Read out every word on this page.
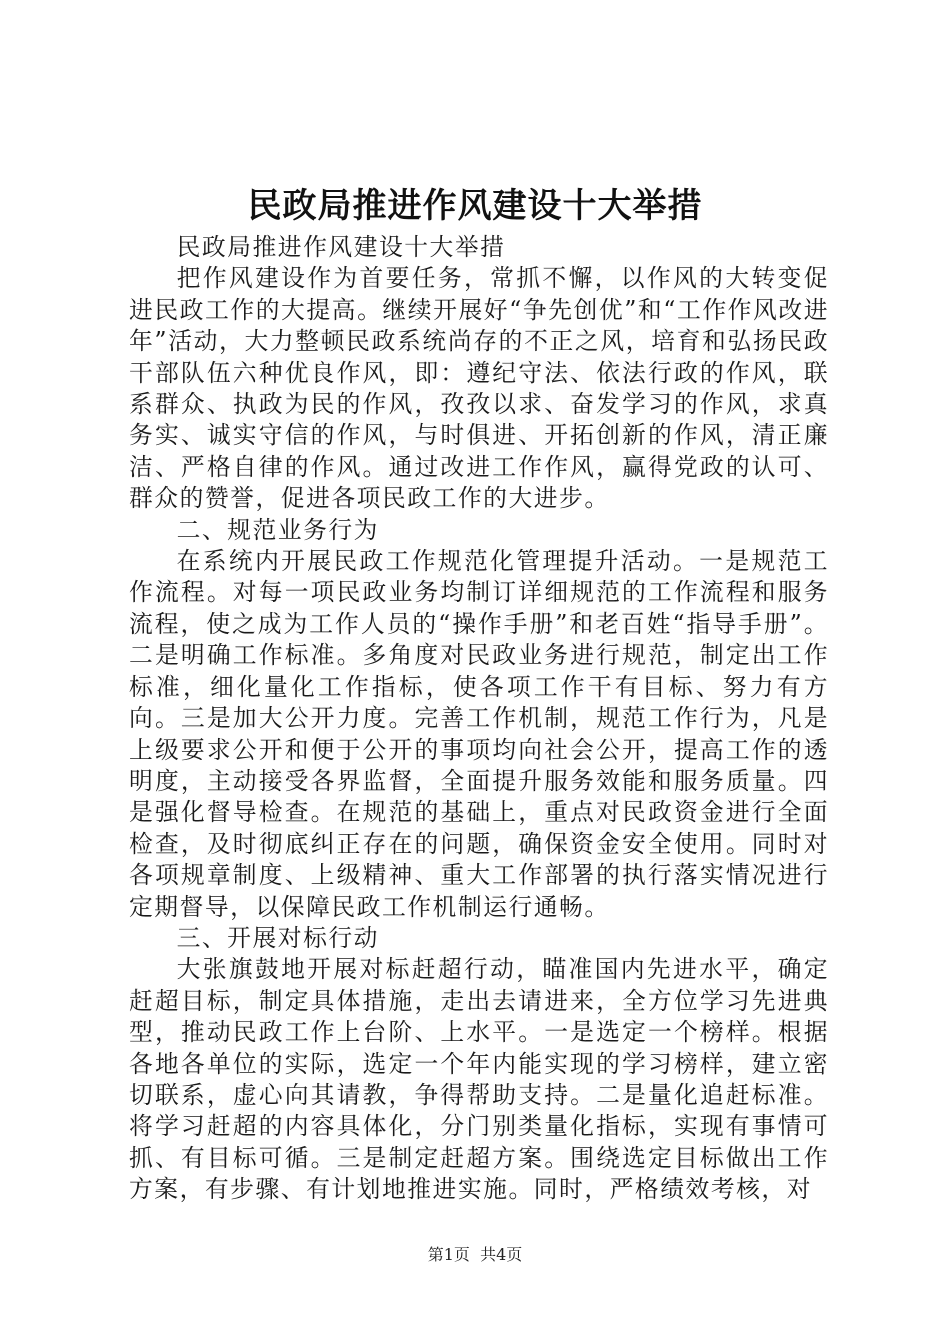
民政局推进作风建设十大举措

民政局推进作风建设十大举措

把作风建设作为首要任务，常抓不懈，以作风的大转变促进民政工作的大提高。继续开展好“争先创优”和“工作作风改进年”活动，大力整顿民政系统尚存的不正之风，培育和弘扬民政干部队伍六种优良作风，即：遵纪守法、依法行政的作风，联系群众、执政为民的作风，孜孜以求、奋发学习的作风，求真务实、诚实守信的作风，与时俱进、开拓创新的作风，清正廉洁、严格自律的作风。通过改进工作作风，赢得党政的认可、群众的赞誉，促进各项民政工作的大进步。

二、规范业务行为

在系统内开展民政工作规范化管理提升活动。一是规范工作流程。对每一项民政业务均制订详细规范的工作流程和服务流程，使之成为工作人员的“操作手册”和老百姓“指导手册”。二是明确工作标准。多角度对民政业务进行规范，制定出工作标准，细化量化工作指标，使各项工作干有目标、努力有方向。三是加大公开力度。完善工作机制，规范工作行为，凡是上级要求公开和便于公开的事项均向社会公开，提高工作的透明度，主动接受各界监督，全面提升服务效能和服务质量。四是强化督导检查。在规范的基础上，重点对民政资金进行全面检查，及时彻底纠正存在的问题，确保资金安全使用。同时对各项规章制度、上级精神、重大工作部署的执行落实情况进行定期督导，以保障民政工作机制运行通畅。

三、开展对标行动

大张旗鼓地开展对标赶超行动，瞄准国内先进水平，确定赶超目标，制定具体措施，走出去请进来，全方位学习先进典型，推动民政工作上台阶、上水平。一是选定一个榜样。根据各地各单位的实际，选定一个年内能实现的学习榜样，建立密切联系，虚心向其请教，争得帮助支持。二是量化追赶标准。将学习赶超的内容具体化，分门别类量化指标，实现有事情可抓、有目标可循。三是制定赶超方案。围绕选定目标做出工作方案，有步骤、有计划地推进实施。同时，严格绩效考核，对

第1页 共4页
